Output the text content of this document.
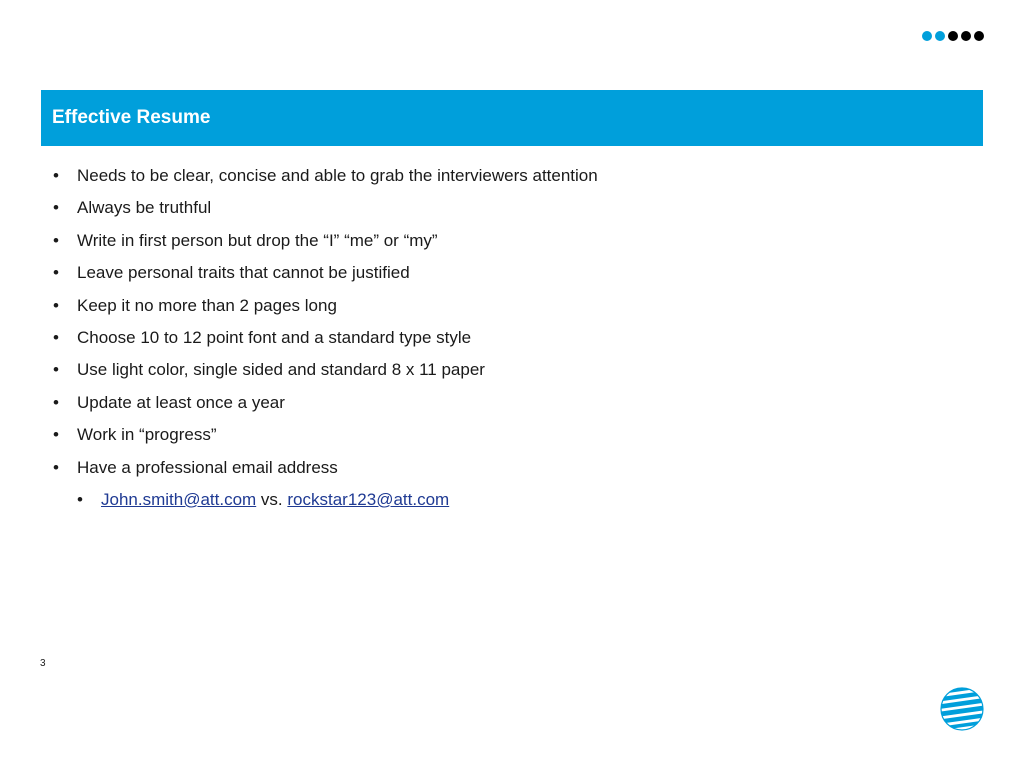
Effective Resume
•	Needs to be clear, concise and able to grab the interviewers attention
•	Always be truthful
•	Write in first person but drop the “I” “me” or “my”
•	Leave personal traits that cannot be justified
•	Keep it no more than 2 pages long
•	Choose 10 to 12 point font and a standard type style
•	Use light color, single sided and standard 8 x 11 paper
•	Update at least once a year
•	Work in “progress”
•	Have a professional email address
•	John.smith@att.com vs. rockstar123@att.com
3
